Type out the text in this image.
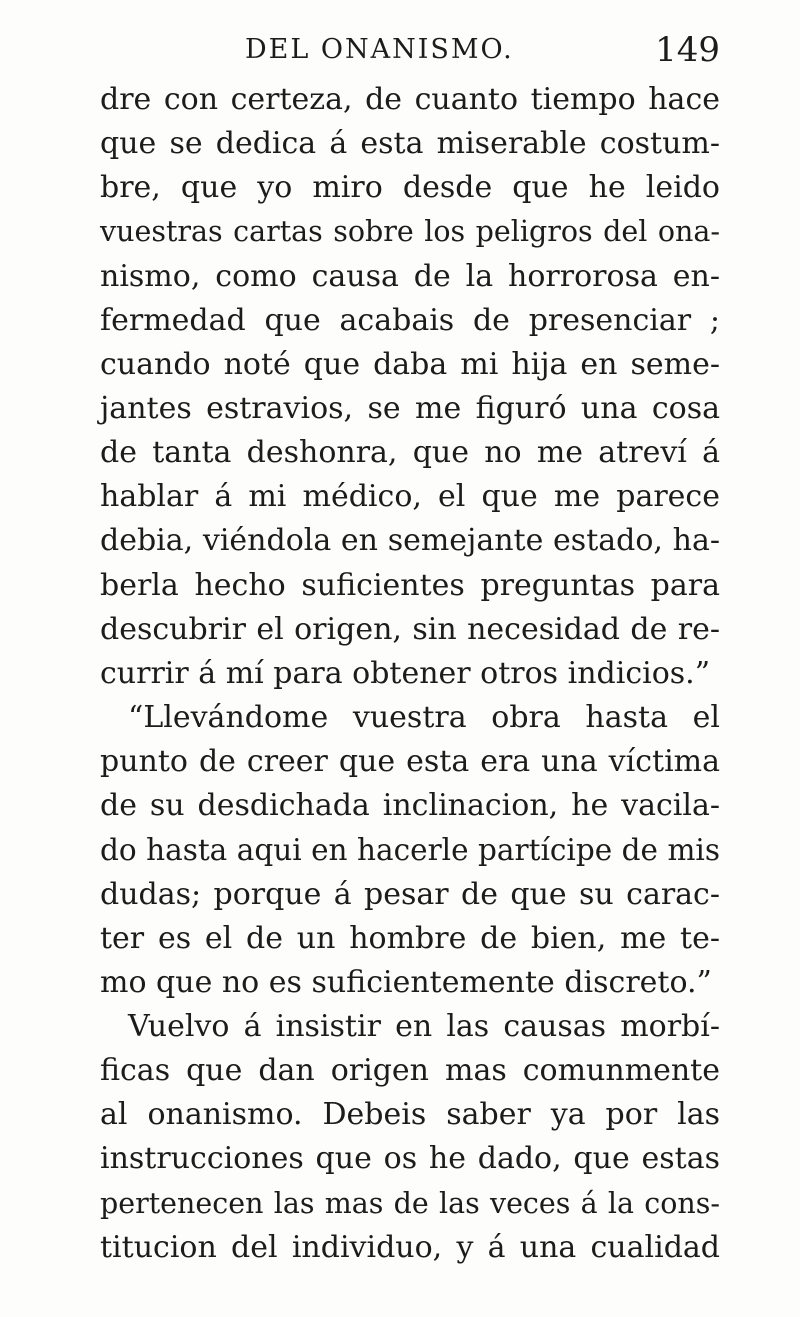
DEL ONANISMO.	149
dre con certeza, de cuanto tiempo hace
que se dedica á esta miserable costum-
bre, que yo miro desde que he leido
vuestras cartas sobre los peligros del ona-
nismo, como causa de la horrorosa en-
fermedad que acabais de presenciar ;
cuando noté que daba mi hija en seme-
jantes estravios, se me figuró una cosa
de tanta deshonra, que no me atreví á
hablar á mi médico, el que me parece
debia, viéndola en semejante estado, ha-
berla hecho suficientes preguntas para
descubrir el origen, sin necesidad de re-
currir á mí para obtener otros indicios.”
“Llevándome vuestra obra hasta el
punto de creer que esta era una víctima
de su desdichada inclinacion, he vacila-
do hasta aqui en hacerle partícipe de mis
dudas; porque á pesar de que su carac-
ter es el de un hombre de bien, me te-
mo que no es suficientemente discreto.”
Vuelvo á insistir en las causas morbí-
ficas que dan origen mas comunmente
al onanismo. Debeis saber ya por las
instrucciones que os he dado, que estas
pertenecen las mas de las veces á la cons-
titucion del individuo, y á una cualidad
